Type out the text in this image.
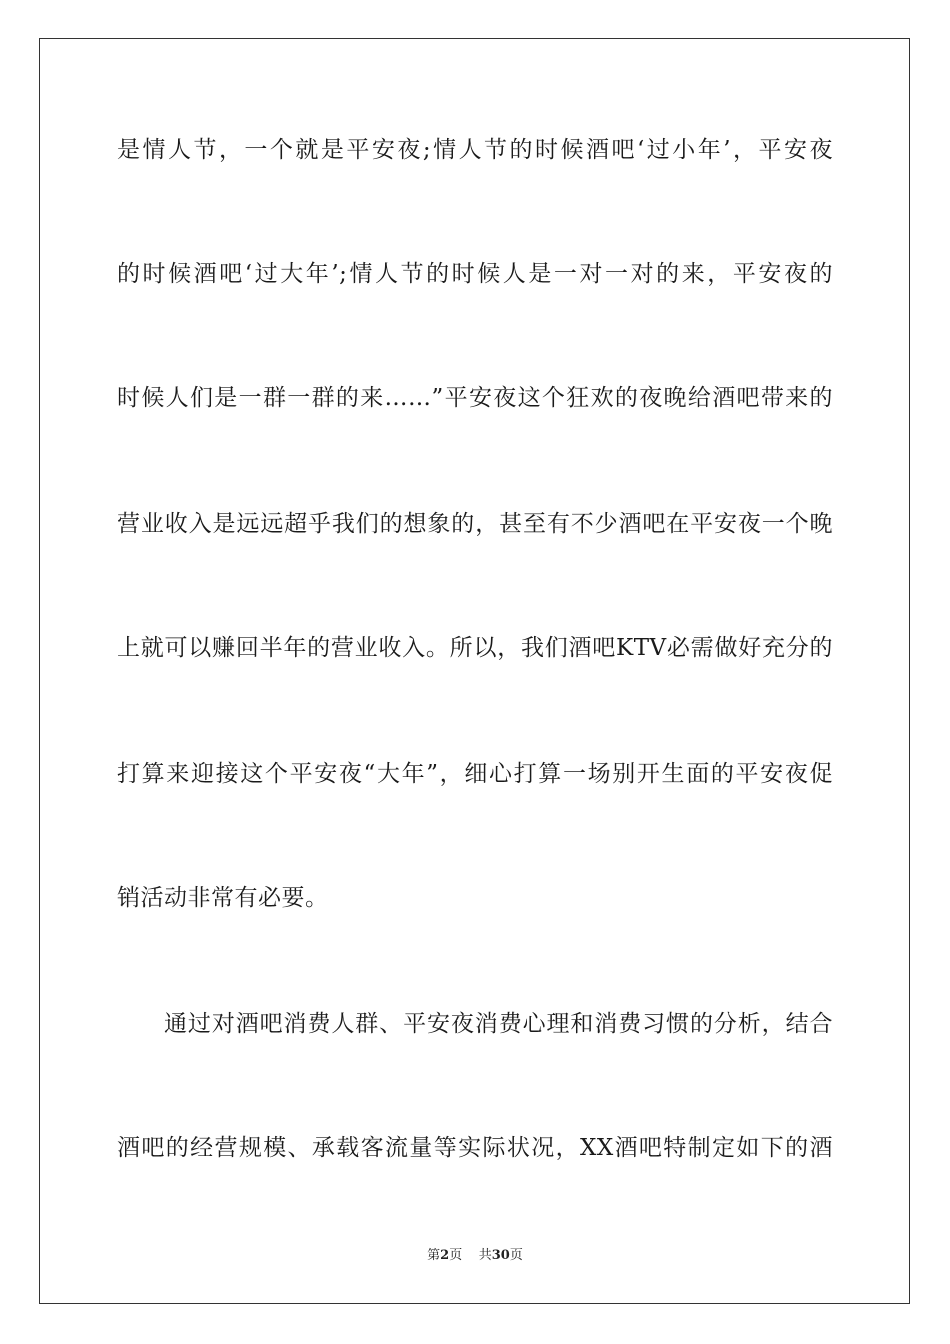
是情人节，一个就是平安夜;情人节的时候酒吧‘过小年’，平安夜
的时候酒吧‘过大年’;情人节的时候人是一对一对的来，平安夜的
时候人们是一群一群的来……”平安夜这个狂欢的夜晚给酒吧带来的
营业收入是远远超乎我们的想象的，甚至有不少酒吧在平安夜一个晚
上就可以赚回半年的营业收入。所以，我们酒吧KTV必需做好充分的
打算来迎接这个平安夜“大年”，细心打算一场别开生面的平安夜促
销活动非常有必要。
通过对酒吧消费人群、平安夜消费心理和消费习惯的分析，结合
酒吧的经营规模、承载客流量等实际状况，XX酒吧特制定如下的酒
第2页 共30页
